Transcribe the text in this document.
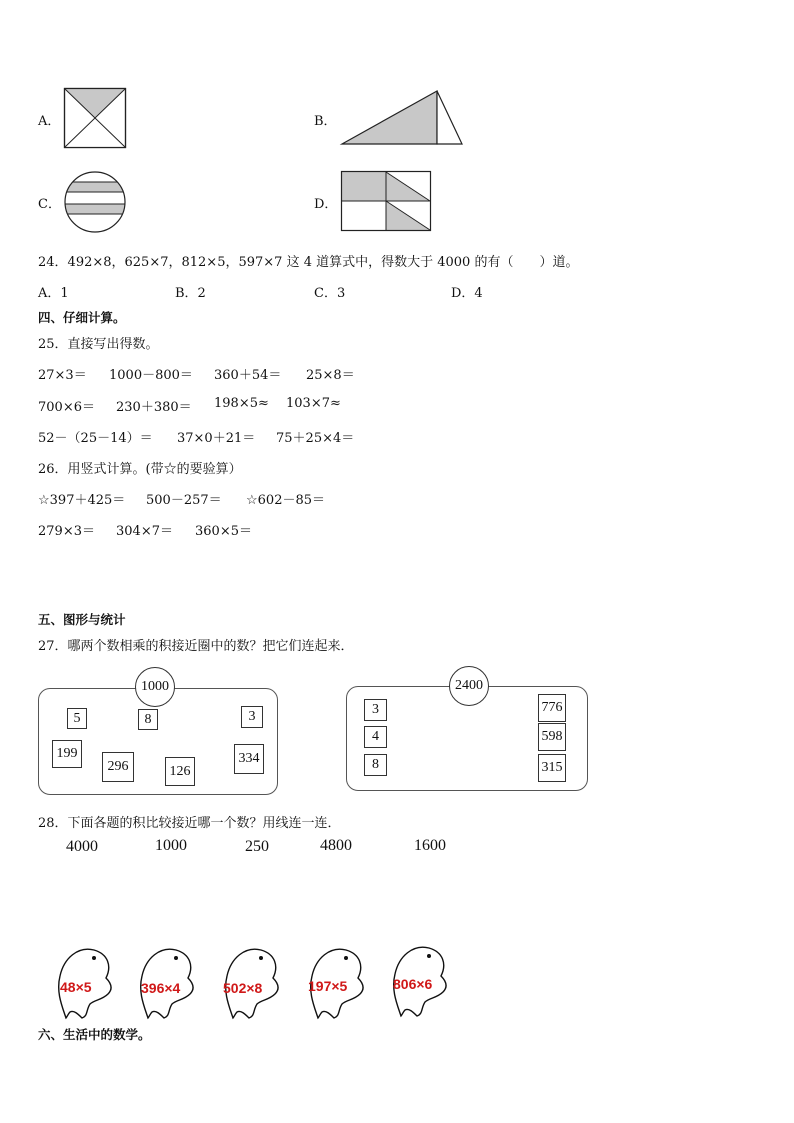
A．	B．
C．	D．
24．492×8，625×7，812×5，597×7 这 4 道算式中，得数大于 4000 的有（　　）道。
A．1	B．2	C．3	D．4
四、仔细计算。
25．直接写出得数。
27×3＝ 1000－800＝ 360＋54＝ 25×8＝
700×6＝ 230＋380＝ 198×5≈ 103×7≈
52－（25－14）＝ 37×0＋21＝ 75＋25×4＝
26．用竖式计算。(带☆的要验算）
☆397＋425＝ 500－257＝ ☆602－85＝
279×3＝ 304×7＝ 360×5＝
五、图形与统计
27．哪两个数相乘的积接近圈中的数？把它们连起来．
1000
5	8	3
199
296	126
334
2400
3
4
8
776
598
315
28．下面各题的积比较接近哪一个数？用线连一连．
4000	1000	250	4800	1600
48×5	396×4	502×8	197×5	806×6
六、生活中的数学。
